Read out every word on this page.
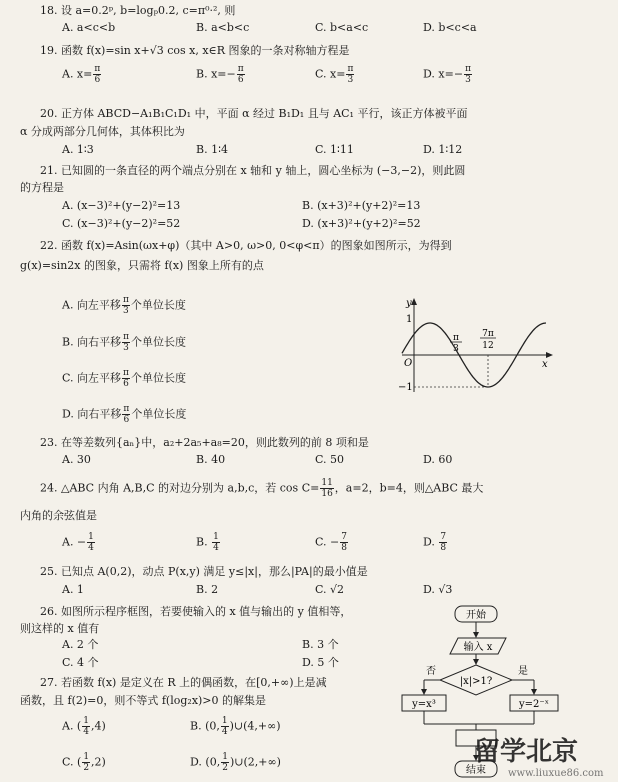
18. 设 a=0.2ᵖ, b=logₚ0.2, c=π⁰·², 则
A. a<c<b	B. a<b<c	C. b<a<c	D. b<c<a
19. 函数 f(x)=sin x+√3 cos x, x∈R 图象的一条对称轴方程是
A. $x= \frac{\pi}{6}$	B. $x=- \frac{\pi}{6}$	C. $x= \frac{\pi}{3}$	D. $x=- \frac{\pi}{3}$
20. 正方体 ABCD−A₁B₁C₁D₁ 中，平面 α 经过 B₁D₁ 且与 AC₁ 平行，该正方体被平面
α 分成两部分几何体，其体积比为
A. 1∶3	B. 1∶4	C. 1∶11	D. 1∶12
21. 已知圆的一条直径的两个端点分别在 x 轴和 y 轴上，圆心坐标为 (−3,−2)，则此圆
的方程是
A. (x−3)²+(y−2)²=13	B. (x+3)²+(y+2)²=13
C. (x−3)²+(y−2)²=52	D. (x+3)²+(y+2)²=52
22. 函数 f(x)=Asin(ωx+φ)（其中 A>0, ω>0, 0<φ<π）的图象如图所示，为得到
g(x)=sin2x 的图象，只需将 f(x) 图象上所有的点
A. 向左平移 $\frac{\pi}{3}$ 个单位长度
B. 向右平移 $\frac{\pi}{3}$ 个单位长度
C. 向左平移 $\frac{\pi}{6}$ 个单位长度
D. 向右平移 $\frac{\pi}{6}$ 个单位长度
y
x
O
1
−1
π
3
7π
12
23. 在等差数列{aₙ}中，a₂+2a₅+a₈=20，则此数列的前 8 项和是
A. 30	B. 40	C. 50	D. 60
24. △ABC 内角 A,B,C 的对边分别为 a,b,c，若 $\cos C= \frac{11}{16}$ ，a=2，b=4，则△ABC 最大
内角的余弦值是
A. − $\frac{1}{4}$	B. $\frac{1}{4}$	C. − $\frac{7}{8}$	D. $\frac{7}{8}$
25. 已知点 A(0,2)，动点 P(x,y) 满足 y≤|x|，那么|PA|的最小值是
A. 1	B. 2	C. √2	D. √3
26. 如图所示程序框图，若要使输入的 x 值与输出的 y 值相等，
则这样的 x 值有
A. 2 个	B. 3 个
C. 4 个	D. 5 个
开始
输入 x
|x|>1?
否	是
y=x³	y=2⁻ˣ
结束
27. 若函数 f(x) 是定义在 R 上的偶函数，在[0,+∞)上是减
函数，且 f(2)=0，则不等式 f(log₂x)>0 的解集是
A. ( $\frac{1}{4} ,4$)	B. (0, $\frac{1}{4}$ )∪(4,+∞)
C. ( $\frac{1}{2} ,2$)	D. (0, $\frac{1}{2}$ )∪(2,+∞)	留学北京
www.liuxue86.com
